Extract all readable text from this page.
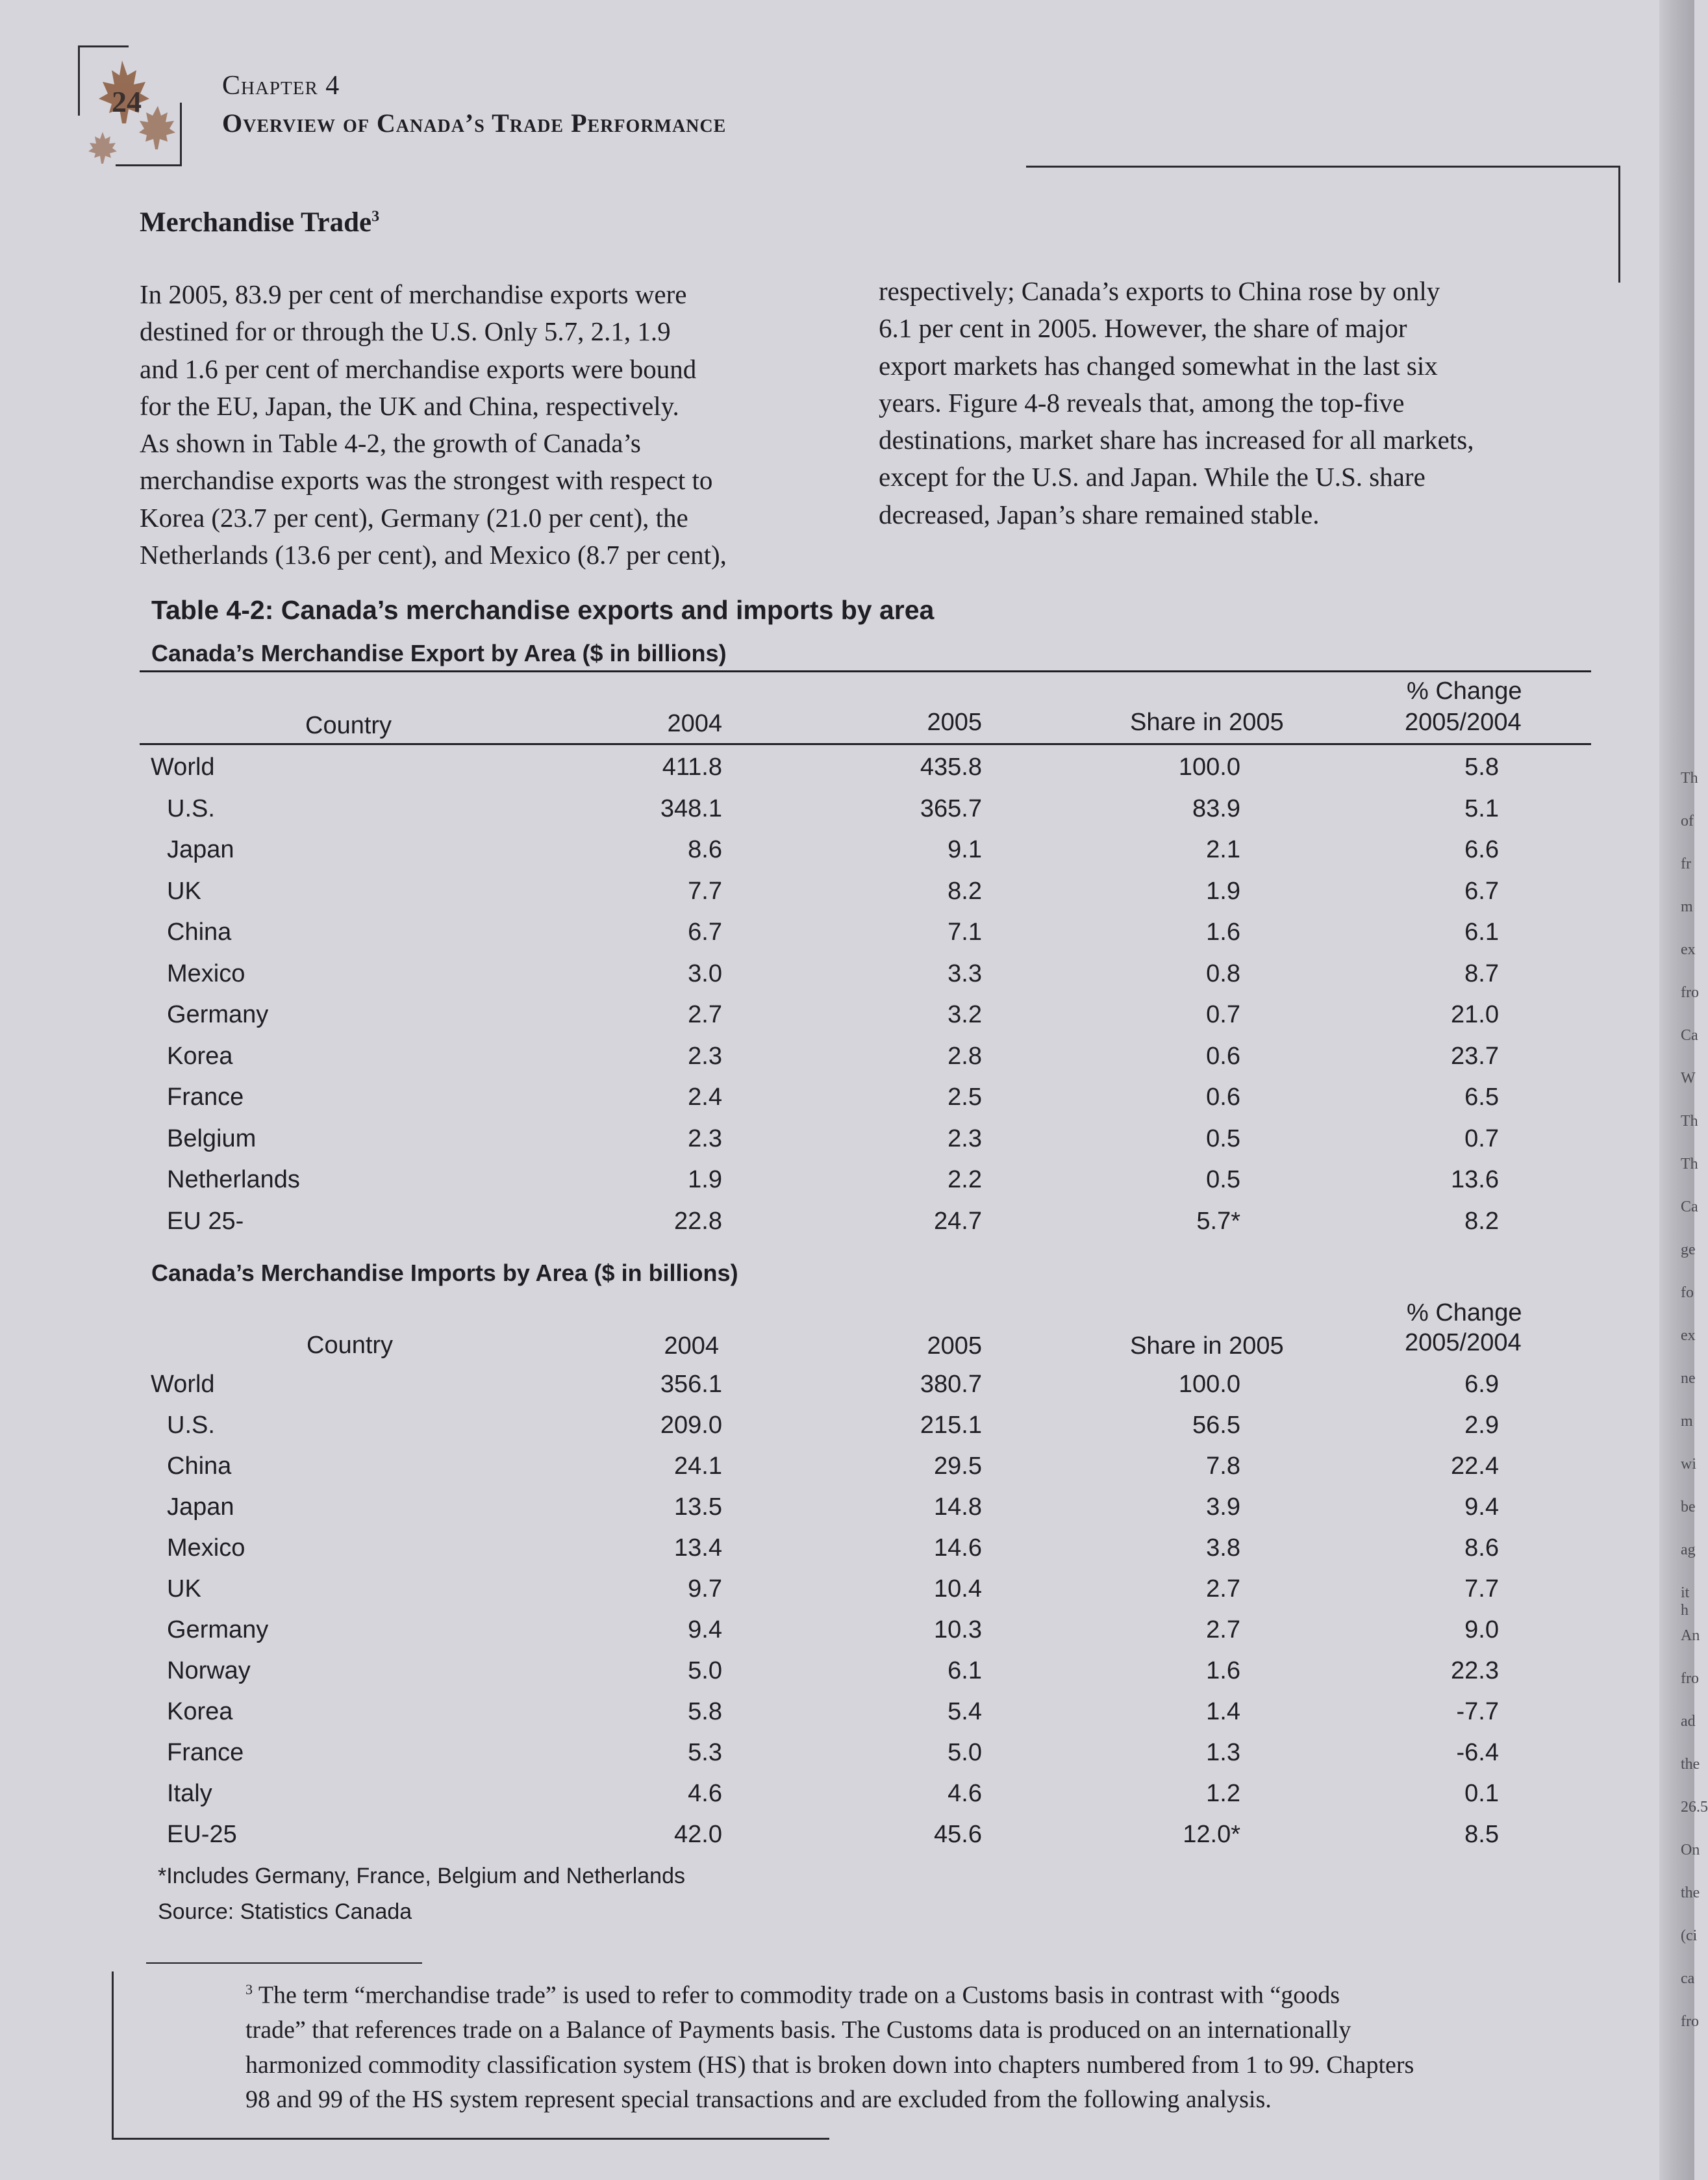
Th
of
fr
m
ex
fro
Ca
W
Th
Th
Ca
ge
fo
ex
ne
m
wi
be
ag
it h
An
fro
ad
the
26.5
On
the
(ci
ca
fro
24	Chapter 4
Overview of Canada’s Trade Performance
Merchandise Trade$^3$
In 2005, 83.9 per cent of merchandise exports were
destined for or through the U.S. Only 5.7, 2.1, 1.9
and 1.6 per cent of merchandise exports were bound
for the EU, Japan, the UK and China, respectively.
As shown in Table 4-2, the growth of Canada’s
merchandise exports was the strongest with respect to
Korea (23.7 per cent), Germany (21.0 per cent), the
Netherlands (13.6 per cent), and Mexico (8.7 per cent),
respectively; Canada’s exports to China rose by only
6.1 per cent in 2005. However, the share of major
export markets has changed somewhat in the last six
years. Figure 4-8 reveals that, among the top-five
destinations, market share has increased for all markets,
except for the U.S. and Japan. While the U.S. share
decreased, Japan’s share remained stable.
Table 4-2: Canada’s merchandise exports and imports by area
Canada’s Merchandise Export by Area ($ in billions)
Country	2004	2005	Share in 2005
% Change
2005/2004
World	411.8	435.8	100.0	5.8
U.S.	348.1	365.7	83.9	5.1
Japan	8.6	9.1	2.1	6.6
UK	7.7	8.2	1.9	6.7
China	6.7	7.1	1.6	6.1
Mexico	3.0	3.3	0.8	8.7
Germany	2.7	3.2	0.7	21.0
Korea	2.3	2.8	0.6	23.7
France	2.4	2.5	0.6	6.5
Belgium	2.3	2.3	0.5	0.7
Netherlands	1.9	2.2	0.5	13.6
EU 25-	22.8	24.7	5.7*	8.2
Canada’s Merchandise Imports by Area ($ in billions)
Country	2004	2005	Share in 2005
% Change
2005/2004
World	356.1	380.7	100.0	6.9
U.S.	209.0	215.1	56.5	2.9
China	24.1	29.5	7.8	22.4
Japan	13.5	14.8	3.9	9.4
Mexico	13.4	14.6	3.8	8.6
UK	9.7	10.4	2.7	7.7
Germany	9.4	10.3	2.7	9.0
Norway	5.0	6.1	1.6	22.3
Korea	5.8	5.4	1.4	-7.7
France	5.3	5.0	1.3	-6.4
Italy	4.6	4.6	1.2	0.1
EU-25	42.0	45.6	12.0*	8.5
*Includes Germany, France, Belgium and Netherlands
Source: Statistics Canada

$^3$ The term “merchandise trade” is used to refer to commodity trade on a Customs basis in contrast with “goods
trade” that references trade on a Balance of Payments basis. The Customs data is produced on an internationally
harmonized commodity classification system (HS) that is broken down into chapters numbered from 1 to 99. Chapters
98 and 99 of the HS system represent special transactions and are excluded from the following analysis.
